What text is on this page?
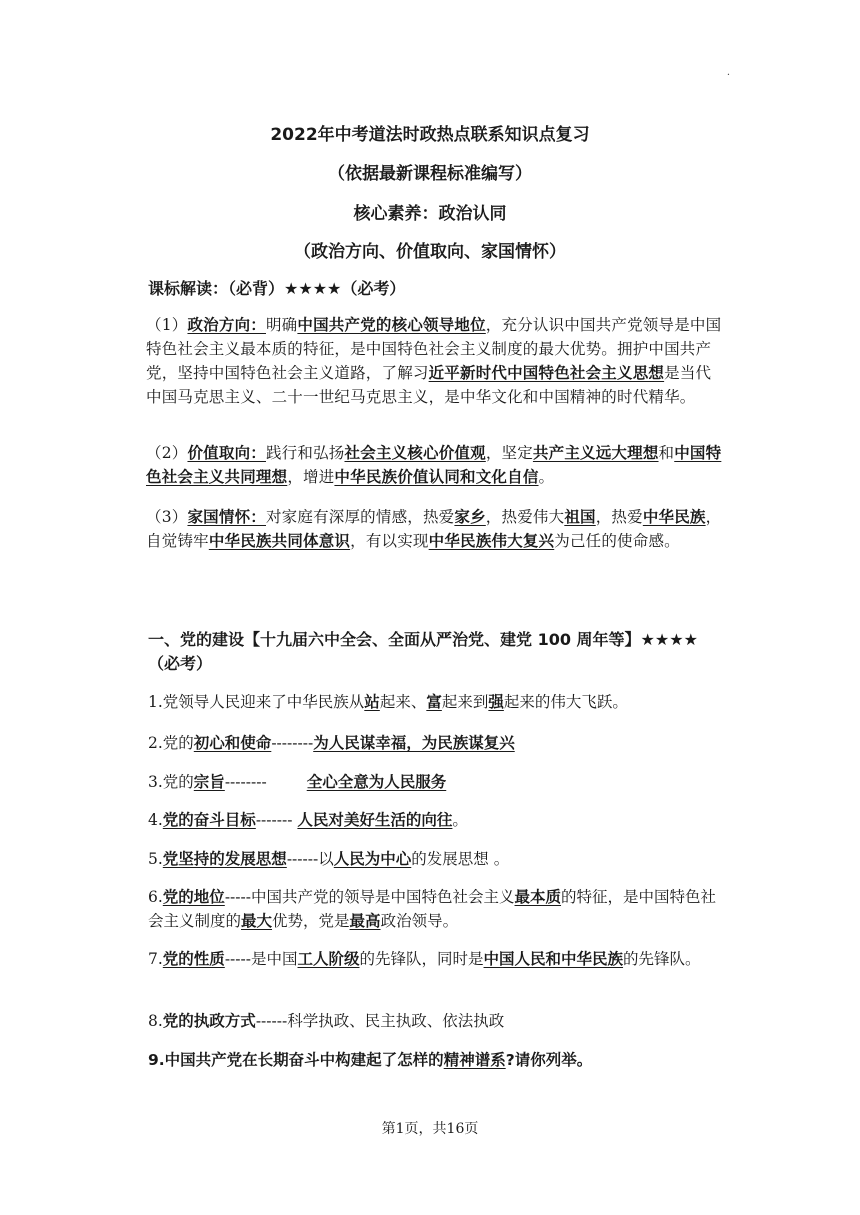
·
2022年中考道法时政热点联系知识点复习
（依据最新课程标准编写）
核心素养：政治认同
（政治方向、价值取向、家国情怀）
课标解读：（必背）★★★★（必考）
（1）政治方向：明确中国共产党的核心领导地位，充分认识中国共产党领导是中国特色社会主义最本质的特征，是中国特色社会主义制度的最大优势。拥护中国共产党，坚持中国特色社会主义道路，了解习近平新时代中国特色社会主义思想是当代中国马克思主义、二十一世纪马克思主义，是中华文化和中国精神的时代精华。
（2）价值取向：践行和弘扬社会主义核心价值观，坚定共产主义远大理想和中国特色社会主义共同理想，增进中华民族价值认同和文化自信。
（3）家国情怀：对家庭有深厚的情感，热爱家乡，热爱伟大祖国，热爱中华民族，自觉铸牢中华民族共同体意识，有以实现中华民族伟大复兴为己任的使命感。
一、党的建设【十九届六中全会、全面从严治党、建党 100 周年等】★★★★（必考）
1.党领导人民迎来了中华民族从站起来、富起来到强起来的伟大飞跃。
2.党的初心和使命--------为人民谋幸福，为民族谋复兴
3.党的宗旨--------	全心全意为人民服务
4.党的奋斗目标------- 人民对美好生活的向往。
5.党坚持的发展思想------以人民为中心的发展思想 。
6.党的地位-----中国共产党的领导是中国特色社会主义最本质的特征，是中国特色社会主义制度的最大优势，党是最高政治领导。
7.党的性质-----是中国工人阶级的先锋队，同时是中国人民和中华民族的先锋队。
8.党的执政方式------科学执政、民主执政、依法执政
9.中国共产党在长期奋斗中构建起了怎样的精神谱系?请你列举。
第1页，共16页
